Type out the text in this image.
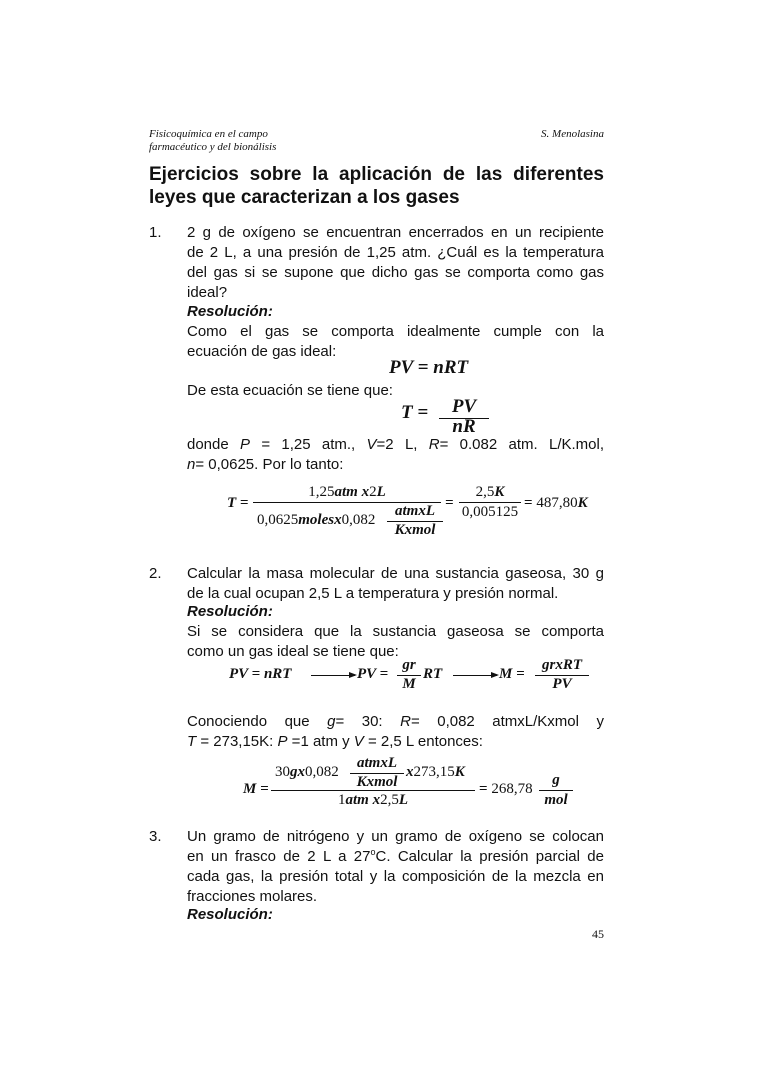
Fisicoquímica en el campo
farmacéutico y del bionálisis
S. Menolasina
Ejercicios sobre la aplicación de las diferentes leyes que caracterizan a los gases
1. 2 g de oxígeno se encuentran encerrados en un recipiente
de 2 L, a una presión de 1,25 atm. ¿Cuál es la temperatura
del gas si se supone que dicho gas se comporta como gas
ideal?
Resolución:
Como el gas se comporta idealmente cumple con la
ecuación de gas ideal:
PV = nRT
De esta ecuación se tiene que:
T =	PV
nR
donde P = 1,25 atm., V=2 L, R= 0.082 atm. L/K.mol,
n= 0,0625. Por lo tanto:
T =
1,25atm x2L
0,0625molesx0,082
atmxL
Kxmol
=
2,5K
0,005125
= 487,80K
2. Calcular la masa molecular de una sustancia gaseosa, 30 g
de la cual ocupan 2,5 L a temperatura y presión normal.
Resolución:
Si se considera que la sustancia gaseosa se comporta
como un gas ideal se tiene que:
PV = nRT	PV =
gr
M
RT	M =
grxRT
PV
Conociendo que g= 30: R= 0,082 atmxL/Kxmol y
T = 273,15K: P =1 atm y V = 2,5 L entonces:
M =
30gx0,082
atmxL
Kxmol
x273,15K
1atm x2,5L
= 268,78
g
mol
3. Un gramo de nitrógeno y un gramo de oxígeno se colocan
en un frasco de 2 L a 27$^o$C. Calcular la presión parcial de
cada gas, la presión total y la composición de la mezcla en
fracciones molares.
Resolución:
45
